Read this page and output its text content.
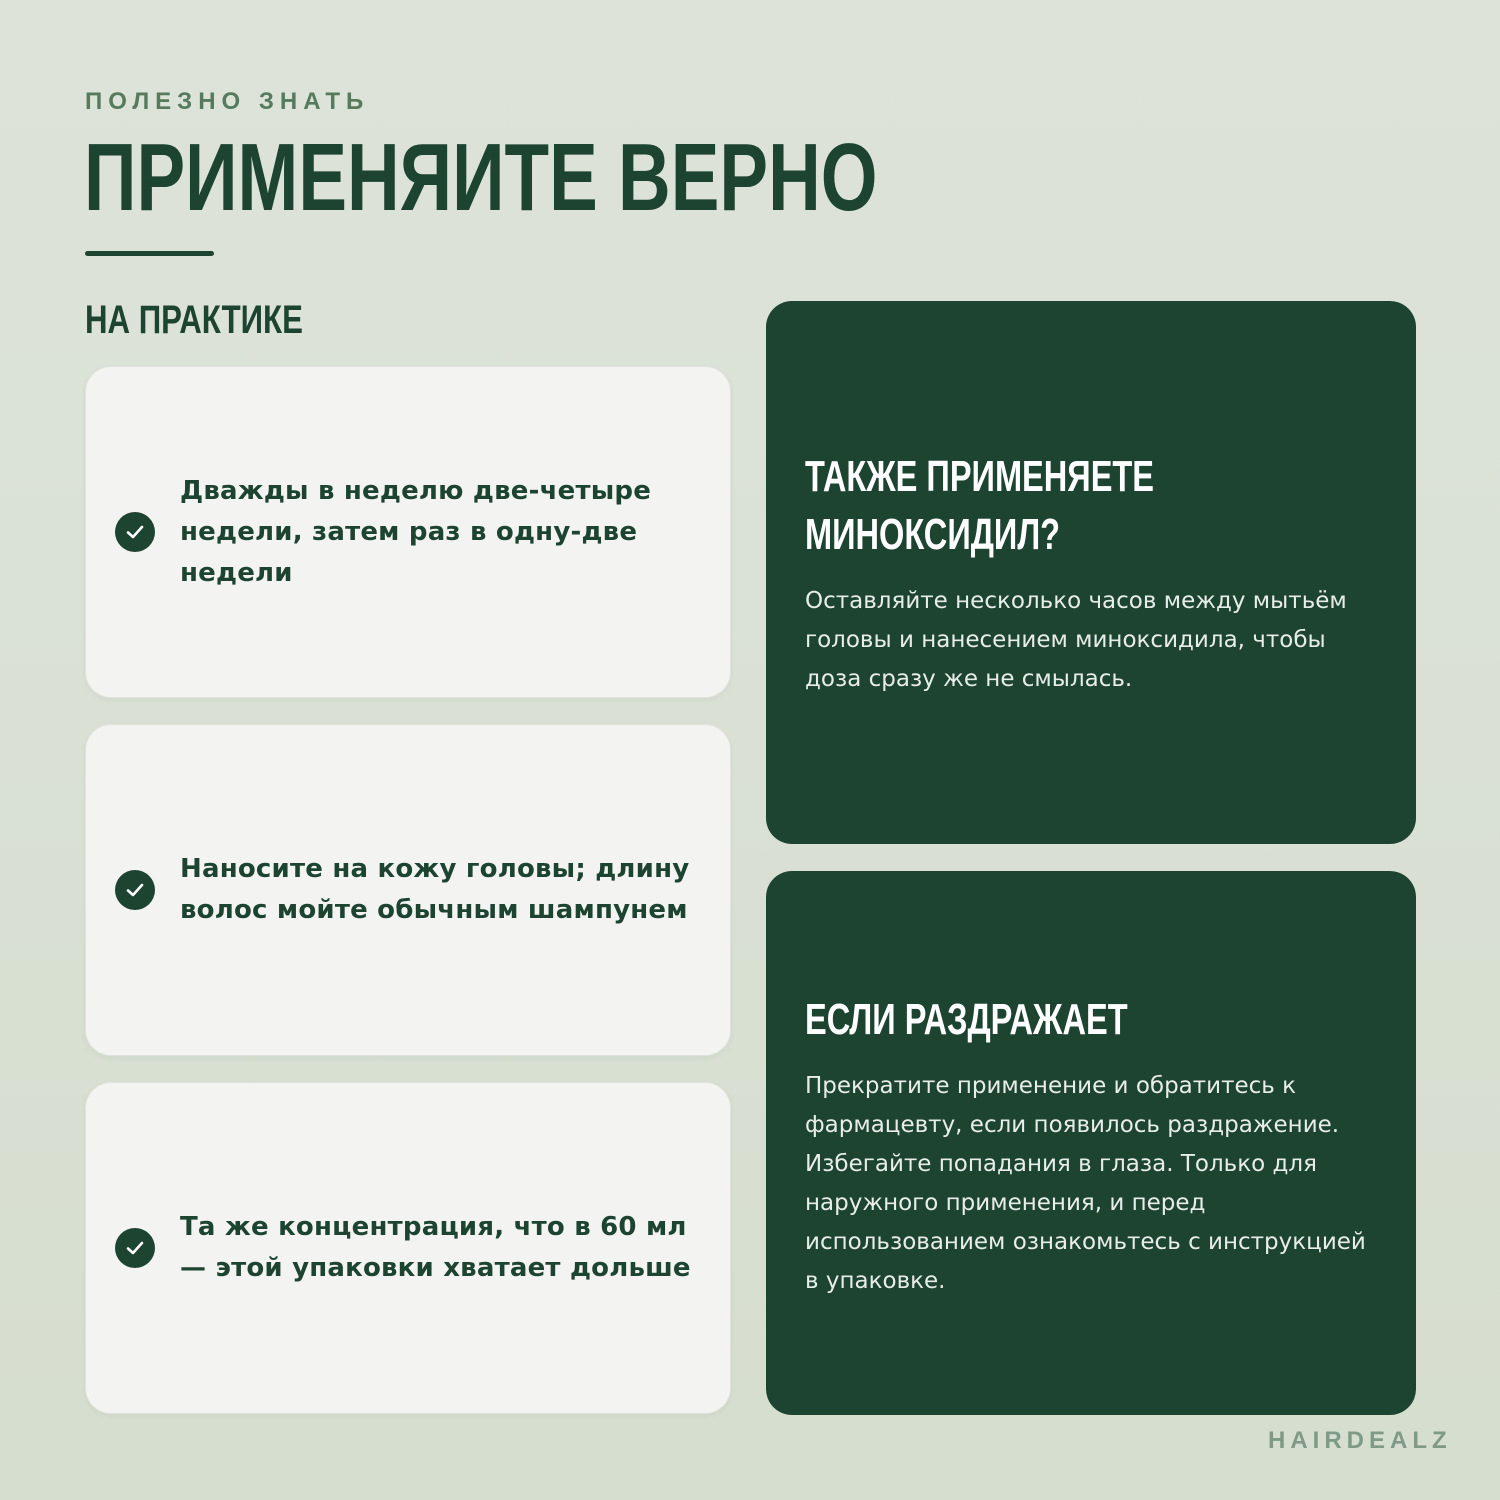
ПОЛЕЗНО ЗНАТЬ
ПРИМЕНЯИТЕ ВЕРНО
НА ПРАКТИКЕ
Дважды в неделю две-четыре недели, затем раз в одну-две недели
Наносите на кожу головы; длину волос мойте обычным шампунем
Та же концентрация, что в 60 мл — этой упаковки хватает дольше
ТАКЖЕ ПРИМЕНЯЕТЕ МИНОКСИДИЛ?
Оставляйте несколько часов между мытьём головы и нанесением миноксидила, чтобы доза сразу же не смылась.
ЕСЛИ РАЗДРАЖАЕТ
Прекратите применение и обратитесь к фармацевту, если появилось раздражение. Избегайте попадания в глаза. Только для наружного применения, и перед использованием ознакомьтесь с инструкцией в упаковке.
HAIRDEALZ
